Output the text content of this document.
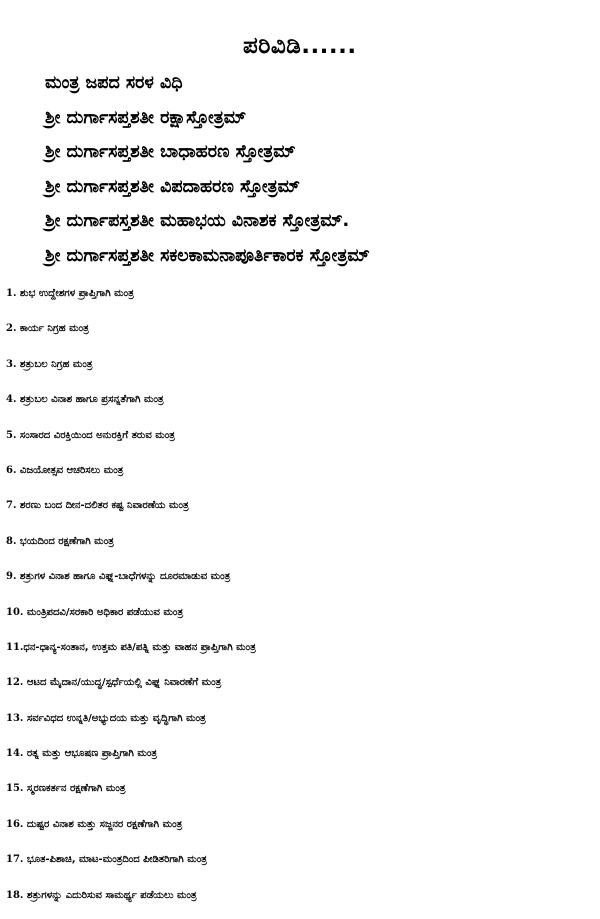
ಪರಿವಿಡಿ......
ಮಂತ್ರ ಜಪದ ಸರಳ ವಿಧಿ
ಶ್ರೀ ದುರ್ಗಾಸಪ್ತಶತೀ ರಕ್ಷಾಸ್ತೋತ್ರಮ್
ಶ್ರೀ ದುರ್ಗಾಸಪ್ತಶತೀ ಬಾಧಾಹರಣ ಸ್ತೋತ್ರಮ್
ಶ್ರೀ ದುರ್ಗಾಸಪ್ತಶತೀ ವಿಪದಾಹರಣ ಸ್ತೋತ್ರಮ್
ಶ್ರೀ ದುರ್ಗಾಪಸ್ತಶತೀ ಮಹಾಭಯ ವಿನಾಶಕ ಸ್ತೋತ್ರಮ್.
ಶ್ರೀ ದುರ್ಗಾಸಪ್ತಶತೀ ಸಕಲಕಾಮನಾಪೂರ್ತಿಕಾರಕ ಸ್ತೋತ್ರಮ್
1. ಶುಭ ಉದ್ದೇಶಗಳ ಪ್ರಾಪ್ತಿಗಾಗಿ ಮಂತ್ರ
2. ಕಾರ್ಯ ನಿಗ್ರಹ ಮಂತ್ರ
3. ಶತ್ರುಬಲ ನಿಗ್ರಹ ಮಂತ್ರ
4. ಶತ್ರುಬಲ ವಿನಾಶ ಹಾಗೂ ಪ್ರಸನ್ನತೆಗಾಗಿ ಮಂತ್ರ
5. ಸಂಸಾರದ ವಿರಕ್ತಿಯಿಂದ ಅನುರಕ್ತಿಗೆ ತರುವ ಮಂತ್ರ
6. ವಿಜಯೋತ್ಸವ ಆಚರಿಸಲು ಮಂತ್ರ
7. ಶರಣು ಬಂದ ದೀನ-ದಲಿತರ ಕಷ್ಟ ನಿವಾರಣೆಯ ಮಂತ್ರ
8. ಭಯದಿಂದ ರಕ್ಷಣೆಗಾಗಿ ಮಂತ್ರ
9. ಶತ್ರುಗಳ ವಿನಾಶ ಹಾಗೂ ವಿಘ್ನ-ಬಾಧೆಗಳನ್ನು ದೂರಮಾಡುವ ಮಂತ್ರ
10. ಮಂತ್ರಿಪದವಿ/ಸರಕಾರಿ ಅಧಿಕಾರ ಪಡೆಯುವ ಮಂತ್ರ
11.ಧನ-ಧಾನ್ಯ-ಸಂತಾನ, ಉತ್ತಮ ಪತಿ/ಪತ್ನಿ ಮತ್ತು ವಾಹನ ಪ್ರಾಪ್ತಿಗಾಗಿ ಮಂತ್ರ
12. ಆಟದ ಮೈದಾನ/ಯುದ್ಧ/ಸ್ಪರ್ಧೆಯಲ್ಲಿ ವಿಘ್ನ ನಿವಾರಣೆಗೆ ಮಂತ್ರ
13. ಸರ್ವವಿಧದ ಉನ್ನತಿ/ಅಭ್ಯುದಯ ಮತ್ತು ವೃದ್ಧಿಗಾಗಿ ಮಂತ್ರ
14. ರತ್ನ ಮತ್ತು ಆಭೂಷಣ ಪ್ರಾಪ್ತಿಗಾಗಿ ಮಂತ್ರ
15. ಸ್ಮರಣಕರ್ತನ ರಕ್ಷಣೆಗಾಗಿ ಮಂತ್ರ
16. ದುಷ್ಟರ ವಿನಾಶ ಮತ್ತು ಸಜ್ಜನರ ರಕ್ಷಣೆಗಾಗಿ ಮಂತ್ರ
17. ಭೂತ-ಪಿಶಾಚಿ, ಮಾಟ-ಮಂತ್ರದಿಂದ ಪೀಡಿತರಿಗಾಗಿ ಮಂತ್ರ
18. ಶತ್ರುಗಳನ್ನು ಎದುರಿಸುವ ಸಾಮರ್ಥ್ಯ ಪಡೆಯಲು ಮಂತ್ರ
